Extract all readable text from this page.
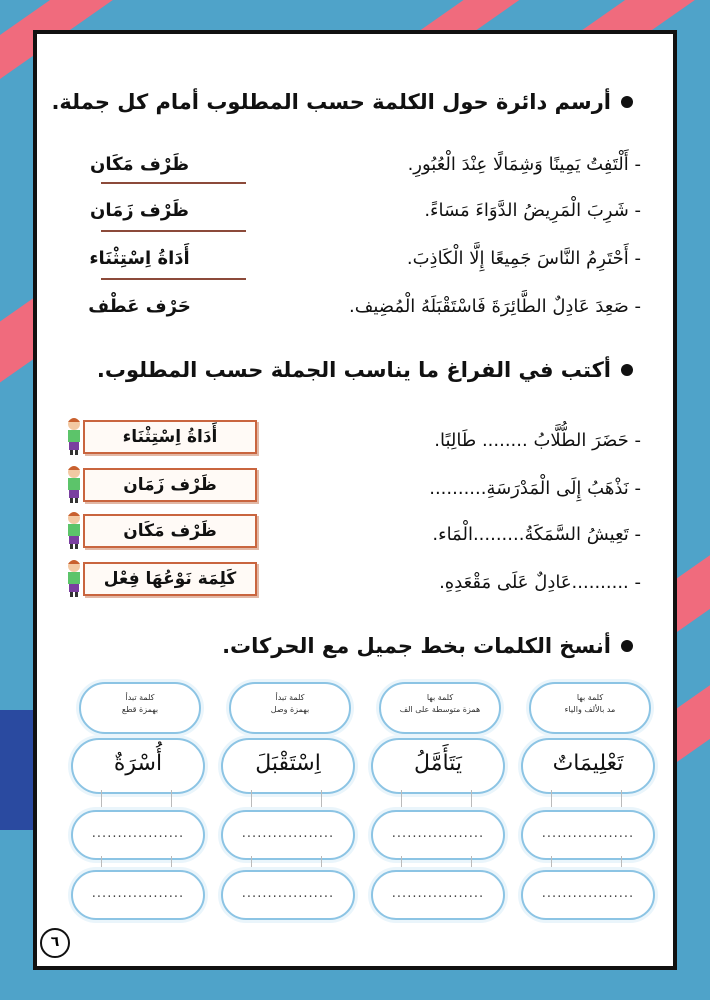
أرسم دائرة حول الكلمة حسب المطلوب أمام كل جملة.
- أَلْتَفِتُ يَمِينًا وَشِمَالًا عِنْدَ الْعُبُورِ.
ظَرْف مَكَان
- شَرِبَ الْمَرِيضُ الدَّوَاءَ مَسَاءً.
ظَرْف زَمَان
- أَحْتَرِمُ النَّاسَ جَمِيعًا إِلَّا الْكَاذِبَ.
أَدَاةُ اِسْتِثْنَاء
- صَعِدَ عَادِلٌ الطَّائِرَةَ فَاسْتَقْبَلَهُ الْمُضِيف.
حَرْف عَطْف
أكتب في الفراغ ما يناسب الجملة حسب المطلوب.
- حَضَرَ الطُّلَّابُ ........ طَالِبًا.
أَدَاةُ اِسْتِثْنَاء
- نَذْهَبُ إِلَى الْمَدْرَسَةِ..........
ظَرْف زَمَان
- تَعِيشُ السَّمَكَةُ.........الْمَاء.
ظَرْف مَكَان
- ..........عَادِلٌ عَلَى مَقْعَدِهِ.
كَلِمَة نَوْعُهَا فِعْل
أنسخ الكلمات بخط جميل مع الحركات.
كلمة بها
مد بالألف والياء
تَعْلِيمَاتٌ
..................
..................
كلمة بها
همزة متوسطة على الف
يَتَأَمَّلُ
..................
..................
كلمة تبدأ
بهمزة وصل
اِسْتَقْبَلَ
..................
..................
كلمة تبدأ
بهمزة قطع
أُسْرَةٌ
..................
..................
٦
